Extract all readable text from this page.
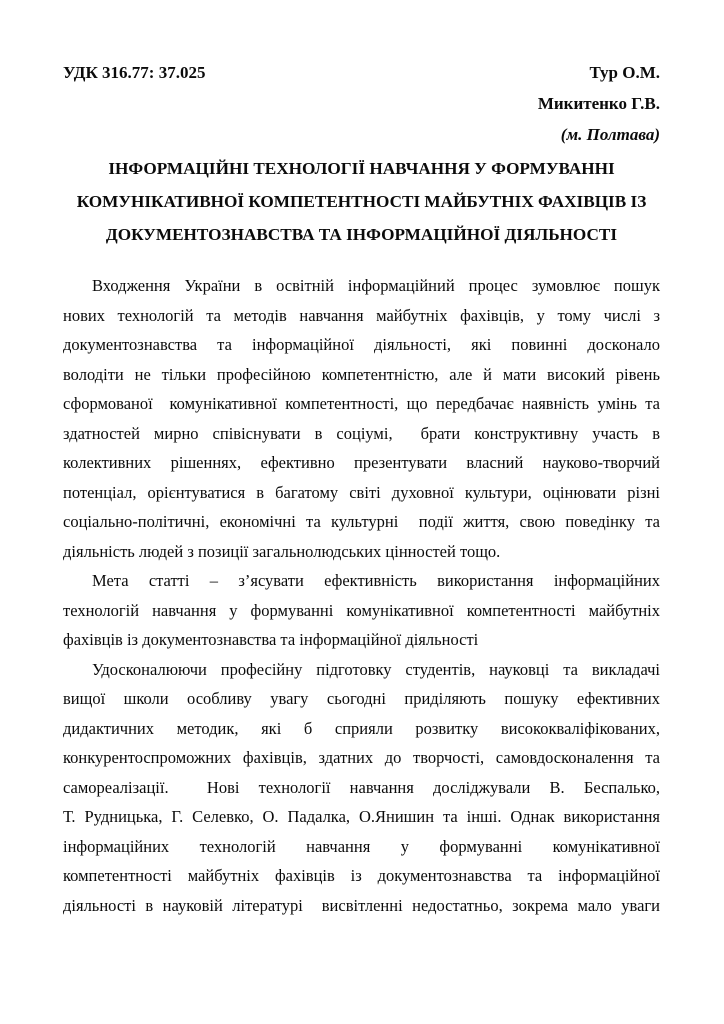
УДК 316.77: 37.025	Тур О.М.
Микитенко Г.В.
(м. Полтава)
ІНФОРМАЦІЙНІ ТЕХНОЛОГІЇ НАВЧАННЯ У ФОРМУВАННІ
КОМУНІКАТИВНОЇ КОМПЕТЕНТНОСТІ МАЙБУТНІХ ФАХІВЦІВ ІЗ
ДОКУМЕНТОЗНАВСТВА ТА ІНФОРМАЦІЙНОЇ ДІЯЛЬНОСТІ
Входження України в освітній інформаційний процес зумовлює пошук
нових технологій та методів навчання майбутніх фахівців, у тому числі з
документознавства та інформаційної діяльності, які повинні досконало
володіти не тільки професійною компетентністю, але й мати високий рівень
сформованої  комунікативної компетентності, що передбачає наявність умінь та
здатностей мирно співіснувати в соціумі,  брати конструктивну участь в
колективних рішеннях, ефективно презентувати власний науково-творчий
потенціал, орієнтуватися в багатому світі духовної культури, оцінювати різні
соціально-політичні, економічні та культурні  події життя, свою поведінку та
діяльність людей з позиції загальнолюдських цінностей тощо.
Мета статті – з’ясувати ефективність використання інформаційних
технологій навчання у формуванні комунікативної компетентності майбутніх
фахівців із документознавства та інформаційної діяльності
Удосконалюючи професійну підготовку студентів, науковці та викладачі
вищої школи особливу увагу сьогодні приділяють пошуку ефективних
дидактичних методик, які б сприяли розвитку висококваліфікованих,
конкурентоспроможних фахівців, здатних до творчості, самовдосконалення та
самореалізації.  Нові технології навчання досліджували В. Беспалько,
Т. Рудницька, Г. Селевко, О. Падалка, О.Янишин та інші. Однак використання
інформаційних технологій навчання у формуванні комунікативної
компетентності майбутніх фахівців із документознавства та інформаційної
діяльності в науковій літературі  висвітленні недостатньо, зокрема мало уваги
